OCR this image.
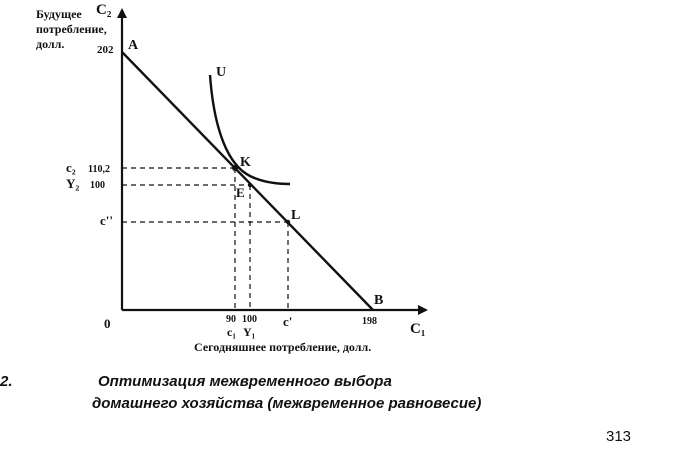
C₂
C₁
0
Будущее
потребление,
долл.
Сегодняшнее потребление, долл.
202
c₂ 110,2
Y₂ 100
c''
90 100
c₁ Y₁
c'	198
A
B
K
E
L
U
2.	Оптимизация межвременного выбора
домашнего хозяйства (межвременное равновесие)
313
